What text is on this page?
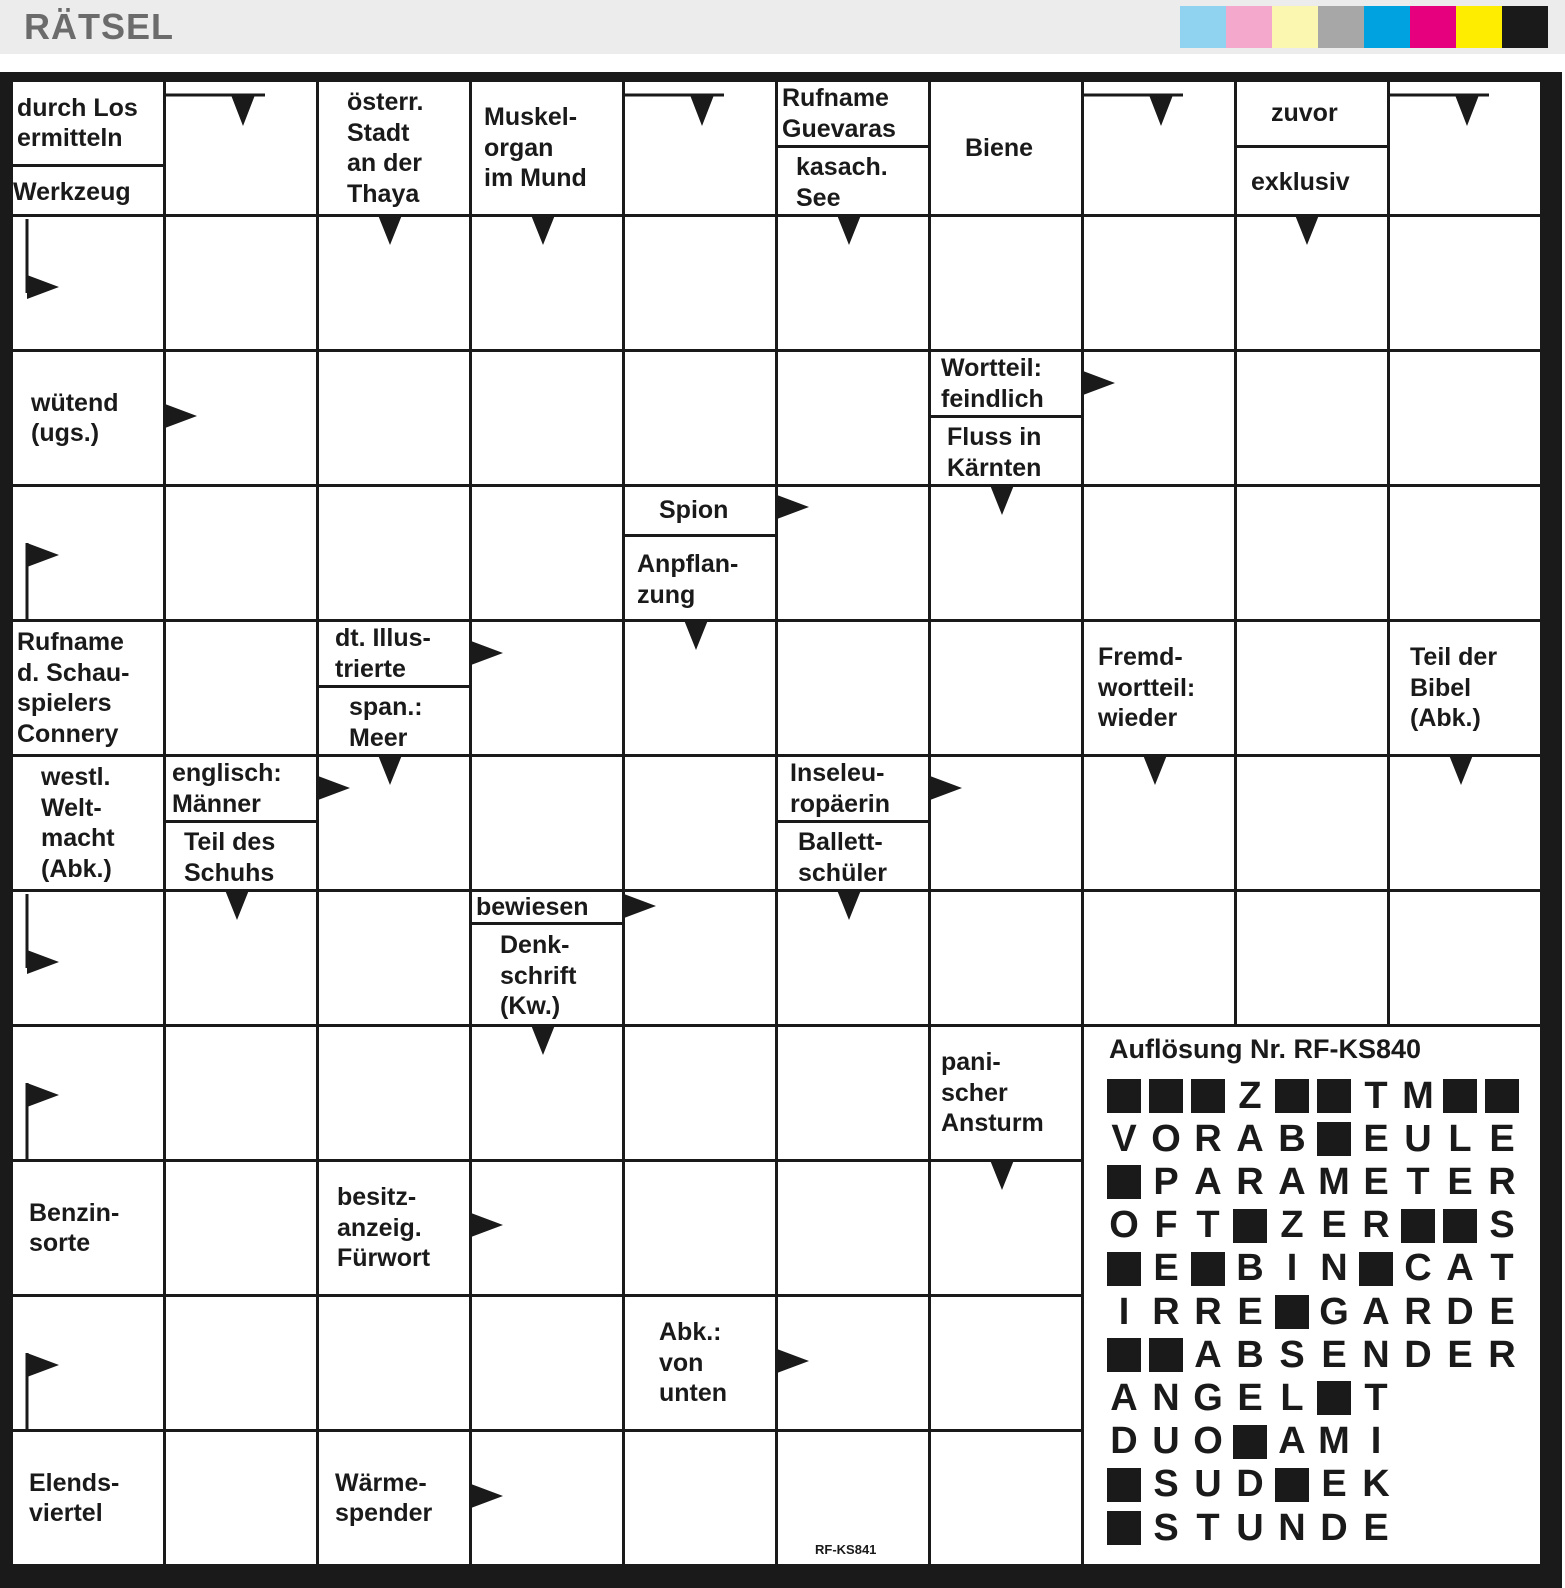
RÄTSEL
durch Los
ermitteln
Werkzeug
österr.
Stadt
an der
Thaya
Muskel-
organ
im Mund
Rufname
Guevaras
kasach.
See
Biene
zuvor
exklusiv
wütend
(ugs.)
Wortteil:
feindlich
Fluss in
Kärnten
Spion
Anpflan-
zung
Rufname
d. Schau-
spielers
Connery
dt. Illus-
trierte
span.:
Meer
Fremd-
wortteil:
wieder
Teil der
Bibel
(Abk.)
westl.
Welt-
macht
(Abk.)
englisch:
Männer
Teil des
Schuhs
Inseleu-
ropäerin
Ballett-
schüler
bewiesen
Denk-
schrift
(Kw.)
pani-
scher
Ansturm
Benzin-
sorte
besitz-
anzeig.
Fürwort
Abk.:
von
unten
Elends-
viertel
Wärme-
spender
Auflösung Nr. RF-KS840
Z	T M
V O R A B E U L E
P A R A M E T E R
O F T Z E R	S
E B I N C A T
I R R E G A R D E
A B S E N D E R
A N G E L T
D U O A M I
S U D E K
S T U N D E
RF-KS841
